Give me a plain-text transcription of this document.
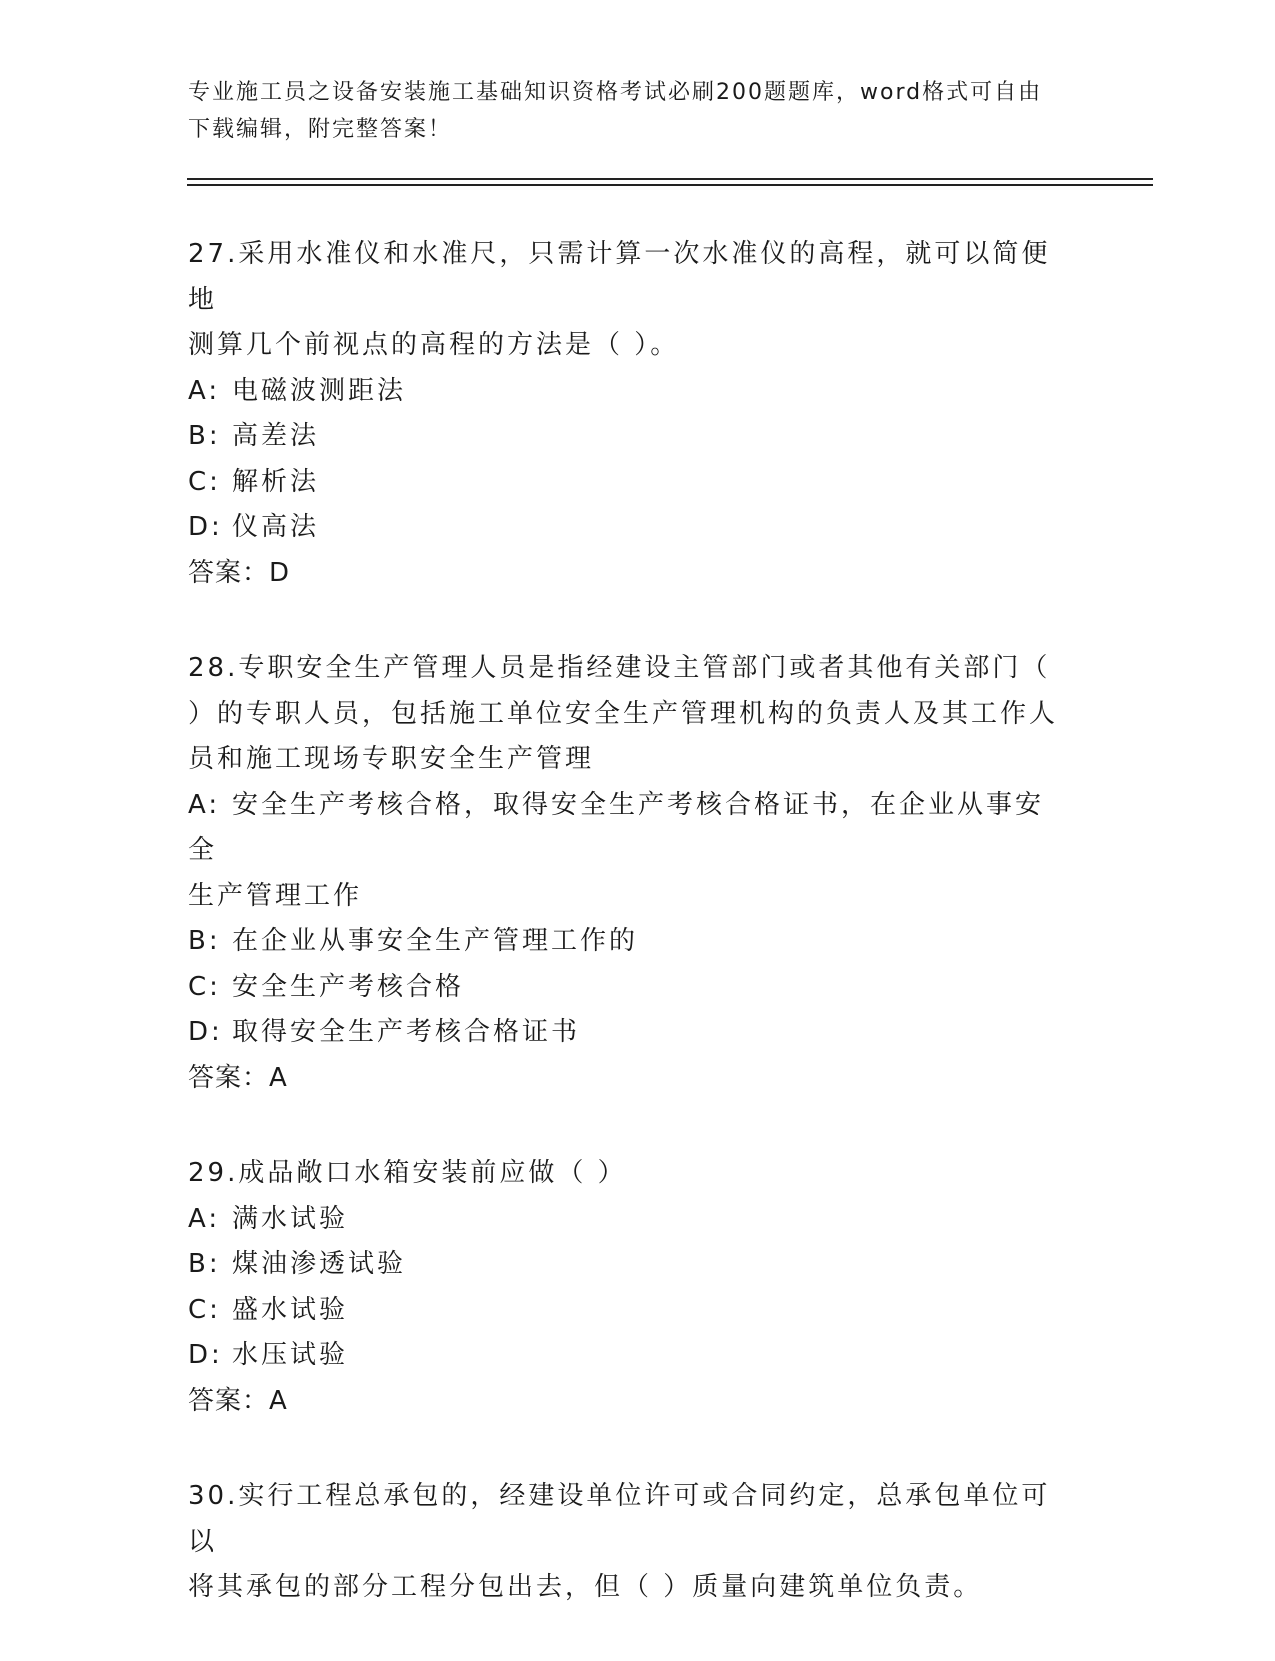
专业施工员之设备安装施工基础知识资格考试必刷200题题库，word格式可自由
下载编辑，附完整答案！
27.采用水准仪和水准尺，只需计算一次水准仪的高程，就可以简便地
测算几个前视点的高程的方法是（ ）。
A: 电磁波测距法
B: 高差法
C: 解析法
D: 仪高法
答案：D
28.专职安全生产管理人员是指经建设主管部门或者其他有关部门（
）的专职人员，包括施工单位安全生产管理机构的负责人及其工作人
员和施工现场专职安全生产管理
A: 安全生产考核合格，取得安全生产考核合格证书，在企业从事安全
生产管理工作
B: 在企业从事安全生产管理工作的
C: 安全生产考核合格
D: 取得安全生产考核合格证书
答案：A
29.成品敞口水箱安装前应做（ ）
A: 满水试验
B: 煤油渗透试验
C: 盛水试验
D: 水压试验
答案：A
30.实行工程总承包的，经建设单位许可或合同约定，总承包单位可以
将其承包的部分工程分包出去，但（ ）质量向建筑单位负责。
